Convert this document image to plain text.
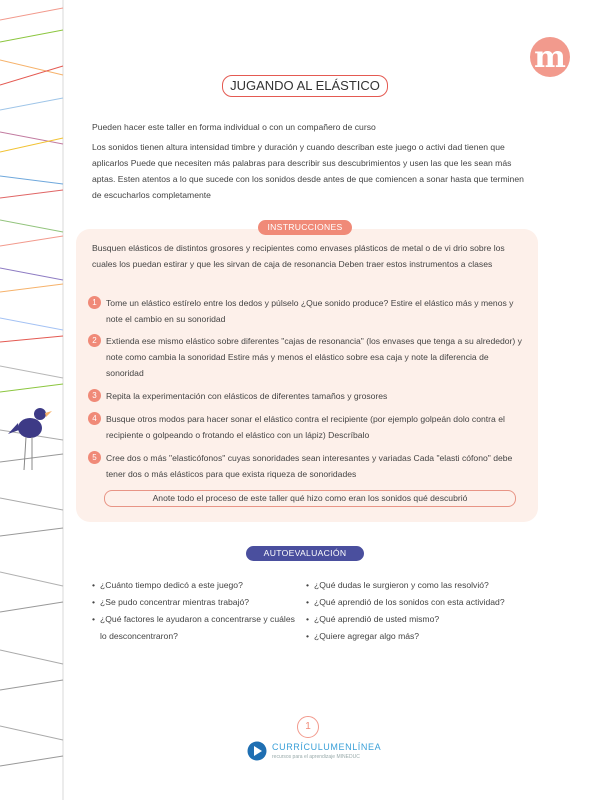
m
JUGANDO AL ELÁSTICO
Pueden hacer este taller en forma individual o con un compañero de curso
Los sonidos tienen altura intensidad timbre y duración y cuando describan este juego o activi dad tienen que aplicarlos Puede que necesiten más palabras para describir sus descubrimientos y usen las que les sean más aptas. Esten atentos a lo que sucede con los sonidos desde antes de que comiencen a sonar hasta que terminen de escucharlos completamente
INSTRUCCIONES
Busquen elásticos de distintos grosores y recipientes como envases plásticos de metal o de vi drio sobre los cuales los puedan estirar y que les sirvan de caja de resonancia Deben traer estos instrumentos a clases
1	Tome un elástico estírelo entre los dedos y púlselo ¿Que sonido produce? Estire el elástico más y menos y note el cambio en su sonoridad
2	Extienda ese mismo elástico sobre diferentes "cajas de resonancia" (los envases que tenga a su alrededor) y note como cambia la sonoridad Estire más y menos el elástico sobre esa caja y note la diferencia de sonoridad
3	Repita la experimentación con elásticos de diferentes tamaños y grosores
4	Busque otros modos para hacer sonar el elástico contra el recipiente (por ejemplo golpeán dolo contra el recipiente o golpeando o frotando el elástico con un lápiz) Descríbalo
5	Cree dos o más "elasticófonos" cuyas sonoridades sean interesantes y variadas Cada "elasti cófono" debe tener dos o más elásticos para que exista riqueza de sonoridades
Anote todo el proceso de este taller qué hizo como eran los sonidos qué descubrió
AUTOEVALUACIÓN
• ¿Cuánto tiempo dedicó a este juego?
• ¿Se pudo concentrar mientras trabajó?
• ¿Qué factores le ayudaron a concentrarse y cuáles lo desconcentraron?
• ¿Qué dudas le surgieron y como las resolvió?
• ¿Qué aprendió de los sonidos con esta actividad?
• ¿Qué aprendió de usted mismo?
• ¿Quiere agregar algo más?
1
CURRÍCULUMENLÍNEA
recursos para el aprendizaje MINEDUC
